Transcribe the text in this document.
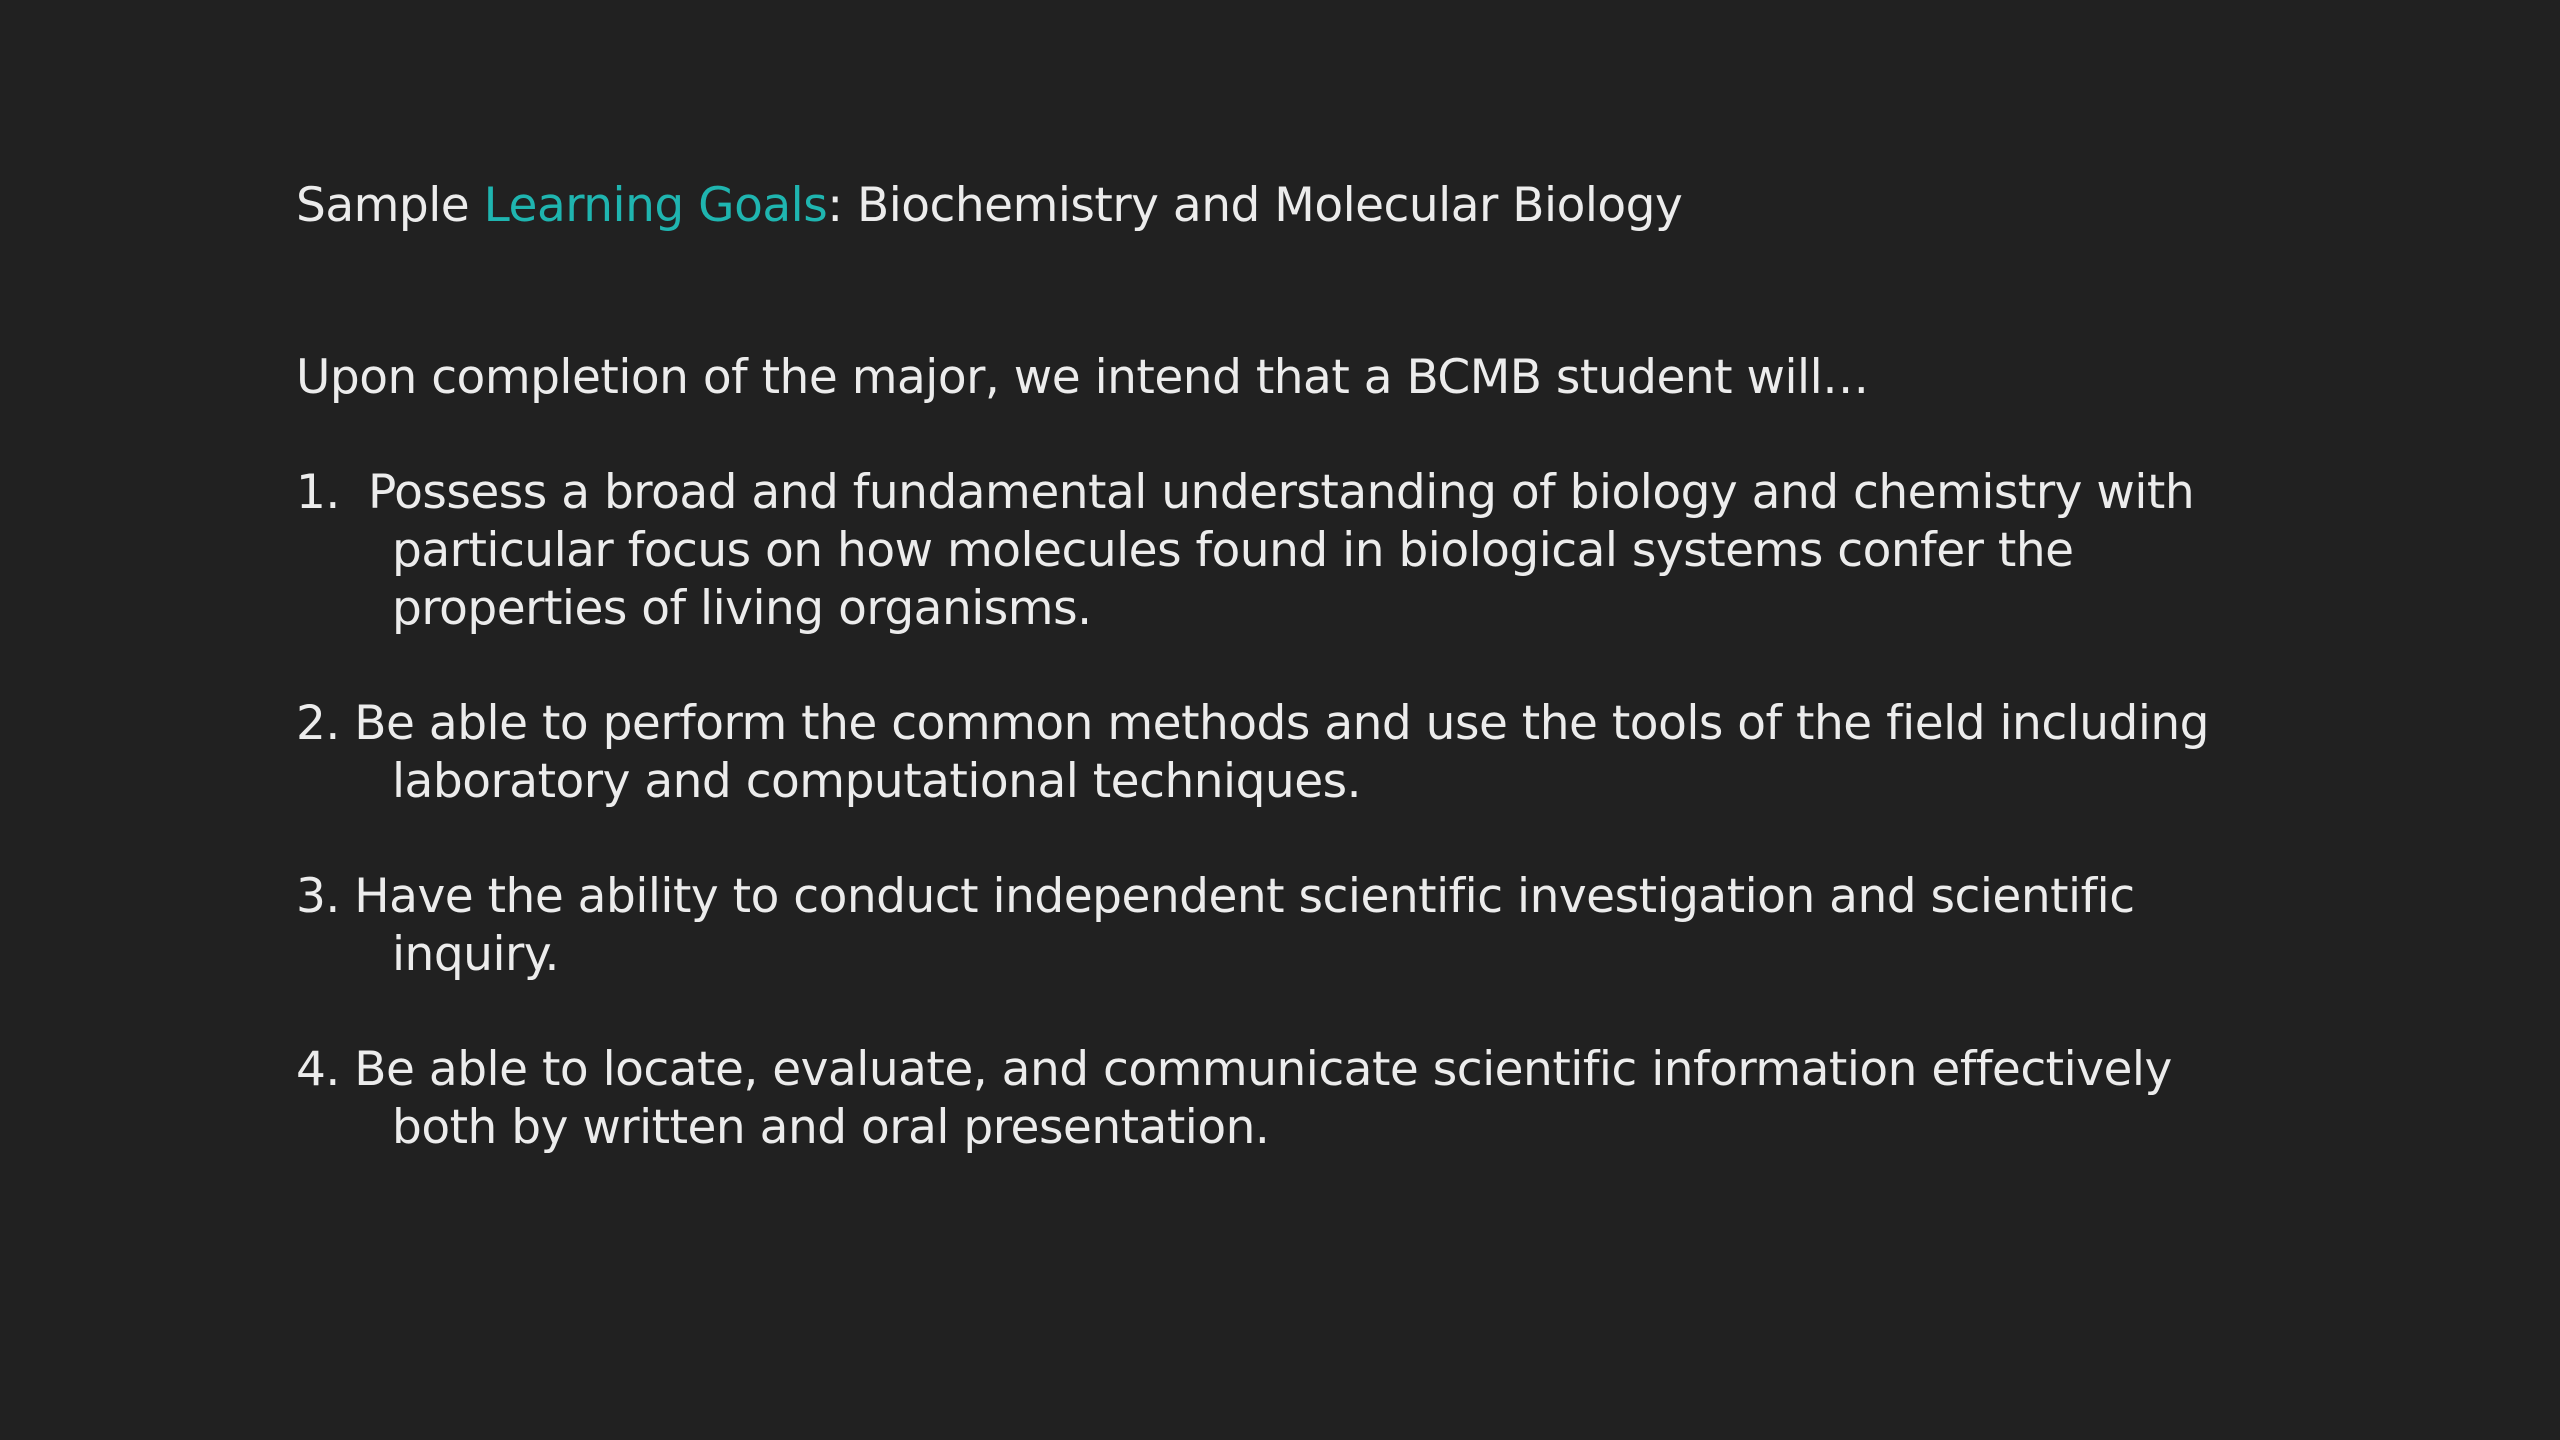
Sample Learning Goals: Biochemistry and Molecular Biology
Upon completion of the major, we intend that a BCMB student will…
1. Possess a broad and fundamental understanding of biology and chemistry with
particular focus on how molecules found in biological systems confer the
properties of living organisms.
2. Be able to perform the common methods and use the tools of the field including
laboratory and computational techniques.
3. Have the ability to conduct independent scientific investigation and scientific
inquiry.
4. Be able to locate, evaluate, and communicate scientific information effectively
both by written and oral presentation.
